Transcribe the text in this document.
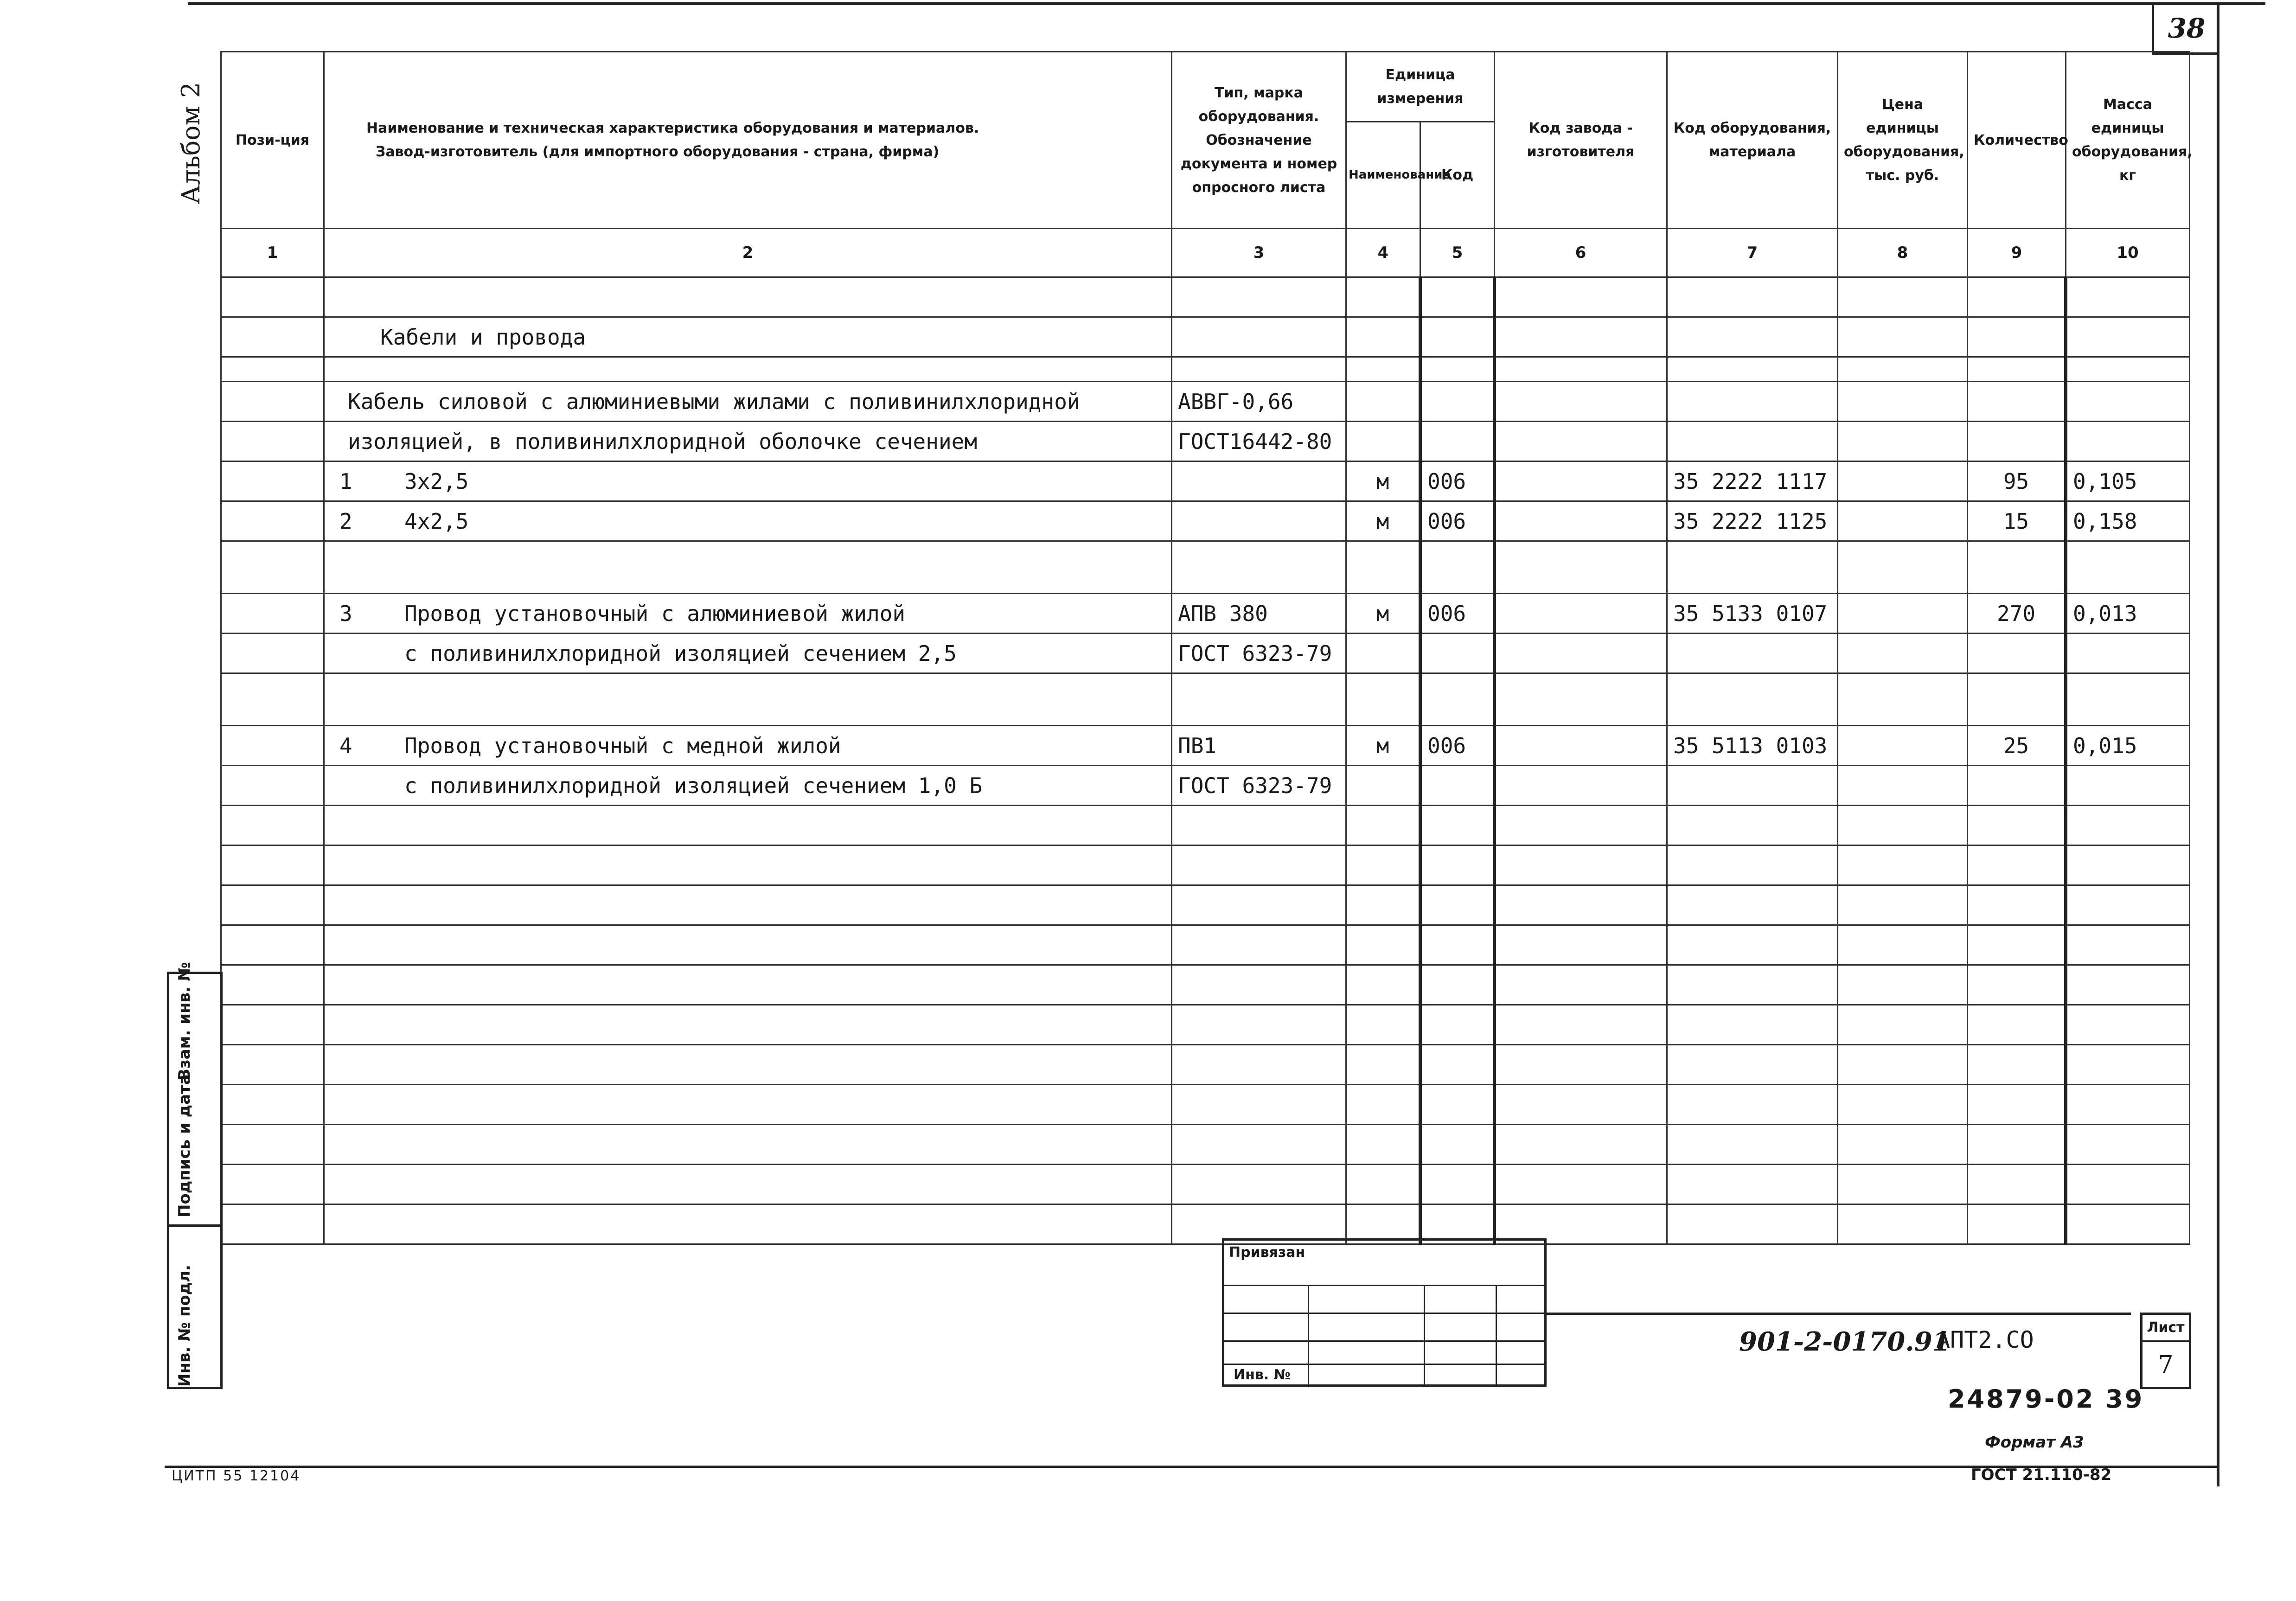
38
Альбом 2	Пози-ция	Наименование и техническая характеристика оборудования и материалов.
Завод-изготовитель (для импортного оборудования - страна, фирма)	Тип, марка оборудования. Обозначение документа и номер опросного листа	Единица измерения		Код завода - изготовителя	Код оборудования, материала	Цена единицы оборудования, тыс. руб.	Количество	Масса единицы оборудования, кг
			Наименование	Код					
1	2	3	4	5	6	7	8	9	10

	Кабели и провода								

	Кабель силовой с алюминиевыми жилами с поливинилхлоридной	АВВГ-0,66							
	изоляцией, в поливинилхлоридной оболочке сечением	ГОСТ16442-80							
	1 3х2,5		м	006		35 2222 1117		95	0,105
	2 4х2,5		м	006		35 2222 1125		15	0,158

	3 Провод установочный с алюминиевой жилой	АПВ 380	м	006		35 5133 0107		270	0,013
	с поливинилхлоридной изоляцией сечением 2,5	ГОСТ 6323-79							

	4 Провод установочный с медной жилой	ПВ1	м	006		35 5113 0103		25	0,015
	с поливинилхлоридной изоляцией сечением 1,0 Б	ГОСТ 6323-79							

Инв. № подл.
Подпись и дата
Взам. инв. №
Привязан
Инв. №
901-2-0170.91
АПТ2.СО	Лист
7
24879-02 39
Формат А3
ГОСТ 21.110-82
ЦИТП 55 12104
